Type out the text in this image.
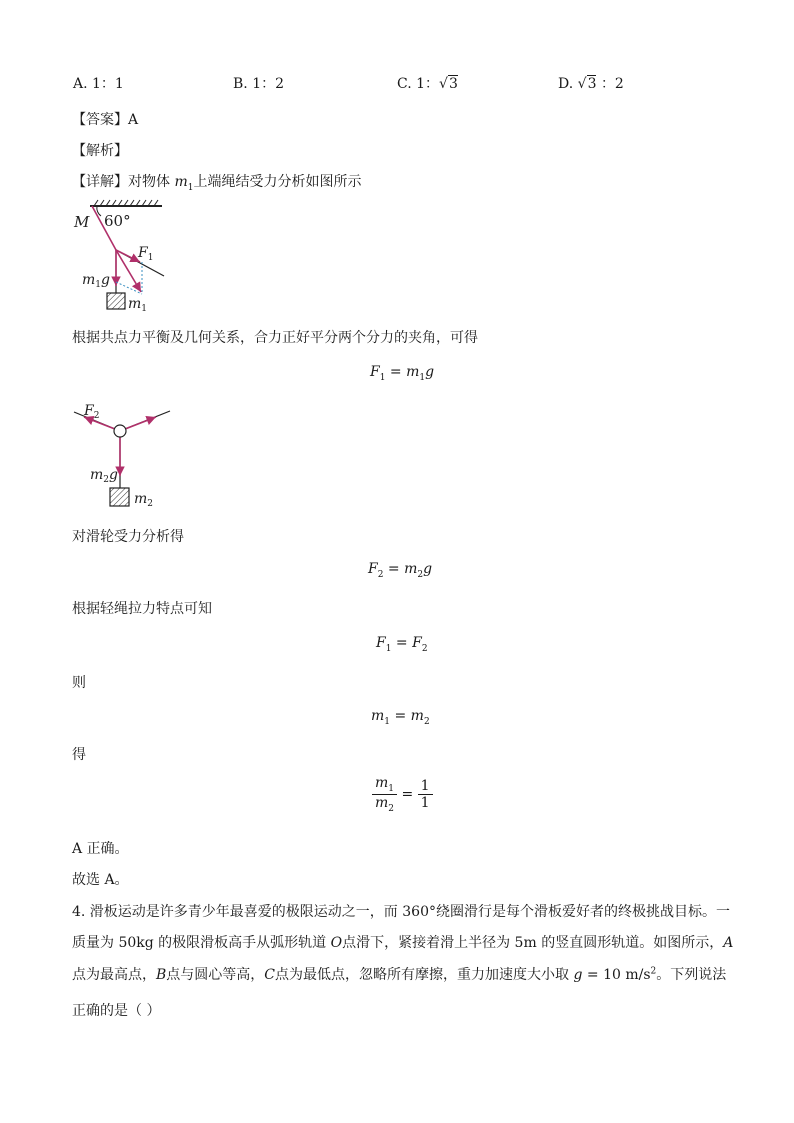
A. 1：1	B. 1：2	C. 1：√3	D. √3 ：2
【答案】A
【解析】
【详解】对物体 $m_1$上端绳结受力分析如图所示
M 60°
$F_1$
$m_1g$
$m_1$
根据共点力平衡及几何关系，合力正好平分两个分力的夹角，可得
$F_1 = m_1g$
$F_2$
$m_2g$
$m_2$
对滑轮受力分析得
$F_2 = m_2g$
根据轻绳拉力特点可知
$F_1 = F_2$
则
$m_1 = m_2$
得
$\frac{m_1}{m_2} = \frac{1}{1}$
A 正确。
故选 A。
4. 滑板运动是许多青少年最喜爱的极限运动之一，而 360°绕圈滑行是每个滑板爱好者的终极挑战目标。一
质量为 50kg 的极限滑板高手从弧形轨道 O点滑下，紧接着滑上半径为 5m 的竖直圆形轨道。如图所示，A
点为最高点，B点与圆心等高，C点为最低点，忽略所有摩擦，重力加速度大小取 g = 10 $m/s^2$。下列说法
正确的是（ ）
